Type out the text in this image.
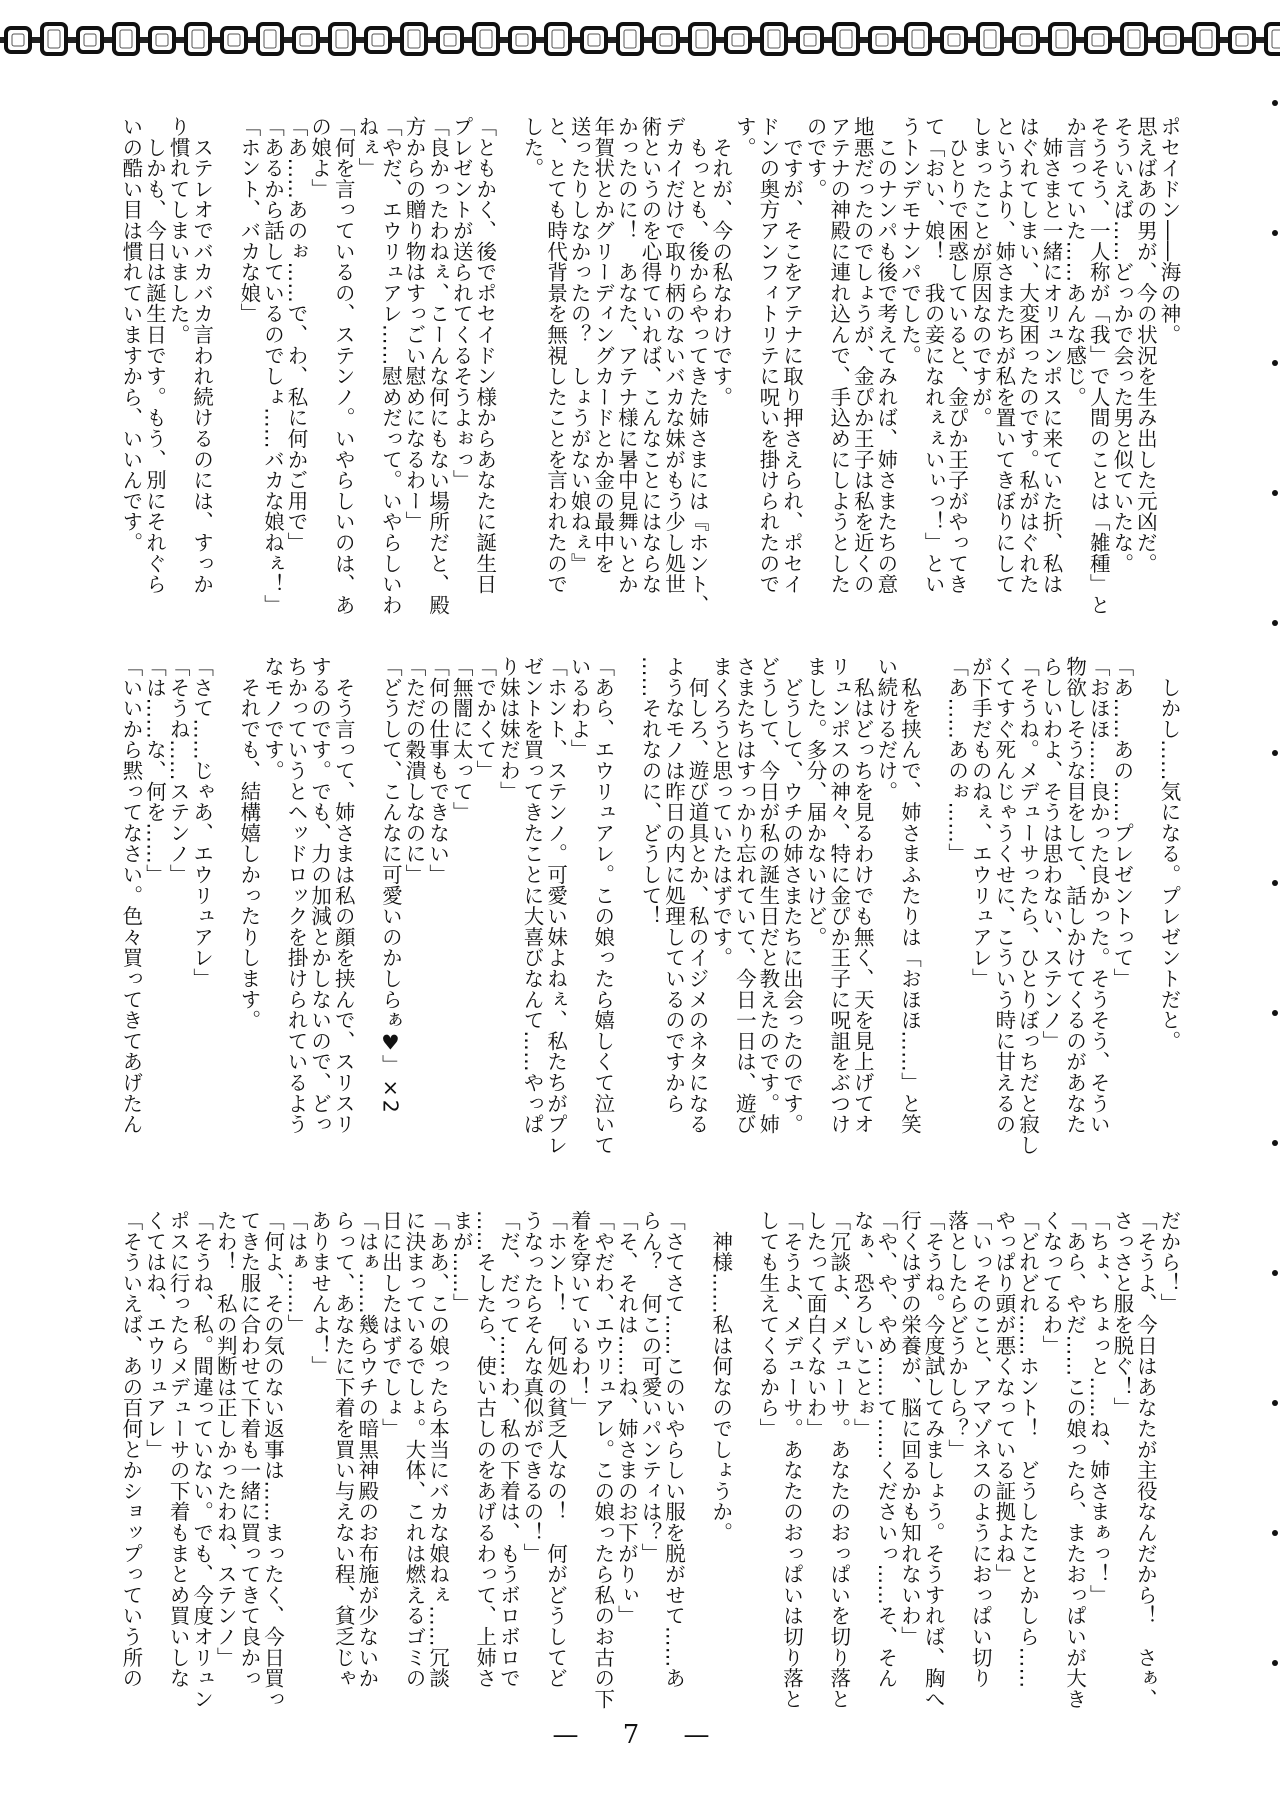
ポセイドン――海の神。
思えばあの男が、今の状況を生み出した元凶だ。
そういえば……どっかで会った男と似ていたな。
そうそう、一人称が「我」で人間のことは「雑種」と
か言っていた……あんな感じ。
　姉さまと一緒にオリュンポスに来ていた折、私は
はぐれてしまい、大変困ったのです。私がはぐれた
というより、姉さまたちが私を置いてきぼりにして
しまったことが原因なのですが。
　ひとりで困惑していると、金ぴか王子がやってき
て「おい、娘！　我の妾になれぇぇいぃっ！」とい
うトンデモナンパでした。
　このナンパも後で考えてみれば、姉さまたちの意
地悪だったのでしょうが、金ぴか王子は私を近くの
アテナの神殿に連れ込んで、手込めにしようとした
のです。
　ですが、そこをアテナに取り押さえられ、ポセイ
ドンの奥方アンフィトリテに呪いを掛けられたので
す。
　それが、今の私なわけです。
　もっとも、後からやってきた姉さまには『ホント、
デカイだけで取り柄のないバカな妹がもう少し処世
術というのを心得ていれば、こんなことにはならな
かったのに！　あなた、アテナ様に暑中見舞いとか
年賀状とかグリーディングカードとか金の最中を
送ったりしなかったの？　しょうがない娘ねぇ』
と、とても時代背景を無視したことを言われたので
した。
「ともかく、後でポセイドン様からあなたに誕生日
プレゼントが送られてくるそうよぉっ」
「良かったわねぇ、こーんな何にもない場所だと、殿
方からの贈り物はすっごい慰めになるわー」
「やだ、エウリュアレ……慰めだって。いやらしいわ
ねぇ」
「何を言っているの、ステンノ。いやらしいのは、あ
の娘よ」
「あ……あのぉ……で、わ、私に何かご用で」
「あるから話しているのでしょ……バカな娘ねぇ！」
「ホント、バカな娘」
　ステレオでバカバカ言われ続けるのには、すっか
り慣れてしまいました。
　しかも、今日は誕生日です。もう、別にそれぐら
いの酷い目は慣れていますから、いいんです。
　しかし……気になる。プレゼントだと。
「あ……あの……プレゼントって」
「おほほ……良かった良かった。そうそう、そうい
物欲しそうな目をして、話しかけてくるのがあなた
らしいわよ、そうは思わない、ステンノ」
「そうね。メデューサったら、ひとりぼっちだと寂し
くてすぐ死んじゃうくせに、こういう時に甘えるの
が下手だものねぇ、エウリュアレ」
「あ……あのぉ……」
　私を挟んで、姉さまふたりは「おほほ……」と笑
い続けるだけ。
　私はどっちを見るわけでも無く、天を見上げてオ
リュンポスの神々、特に金ぴか王子に呪詛をぶつけ
ました。多分、届かないけど。
　どうして、ウチの姉さまたちに出会ったのです。
どうして、今日が私の誕生日だと教えたのです。姉
さまたちはすっかり忘れていて、今日一日は、遊び
まくろうと思っていたはずです。
　何しろ、遊び道具とか、私のイジメのネタになる
ようなモノは昨日の内に処理しているのですから
……それなのに、どうして！
「あら、エウリュアレ。この娘ったら嬉しくて泣いて
いるわよ」
「ホント、ステンノ。可愛い妹よねぇ、私たちがプレ
ゼントを買ってきたことに大喜びなんて……やっぱ
り妹は妹だわ」
「でかくて」
「無闇に太って」
「何の仕事もできない」
「ただの穀潰しなのに」
「どうして、こんなに可愛いのかしらぁ♥」×2
　そう言って、姉さまは私の顔を挟んで、スリスリ
するのです。でも、力の加減とかしないので、どっ
ちかっていうとヘッドロックを掛けられているよう
なモノです。
　それでも、結構嬉しかったりします。
「さて……じゃあ、エウリュアレ」
「そうね……ステンノ」
「は……な、何を……」
「いいから黙ってなさい。色々買ってきてあげたん
だから！」
「そうよ、今日はあなたが主役なんだから！　さぁ、
さっさと服を脱ぐ！」
「ちょ、ちょっと……ね、姉さまぁっ！」
「あら、やだ……この娘ったら、またおっぱいが大き
くなってるわ」
「どれどれ……ホント！　どうしたことかしら……
やっぱり頭が悪くなっている証拠よね」
「いっそのこと、アマゾネスのようにおっぱい切り
落としたらどうかしら？」
「そうね。今度試してみましょう。そうすれば、胸へ
行くはずの栄養が、脳に回るかも知れないわ」
「や、や、やめ……て……くださいっ……そ、そん
なぁ、恐ろしいことぉ」
「冗談よ、メデューサ。あなたのおっぱいを切り落と
したって面白くないわ」
「そうよ、メデューサ。あなたのおっぱいは切り落と
しても生えてくるから」
　神様……私は何なのでしょうか。
「さてさて……このいやらしい服を脱がせて……あ
らん？　何この可愛いパンティは？」
「そ、それは……ね、姉さまのお下がりぃ」
「やだわ、エウリュアレ。この娘ったら私のお古の下
着を穿いているわ！」
「ホント！　何処の貧乏人なの！　何がどうしてど
うなったらそんな真似ができるの！」
「だ、だって……わ、私の下着は、もうボロボロで
……そしたら、使い古しのをあげるわって、上姉さ
まが……」
「ああ、この娘ったら本当にバカな娘ねぇ……冗談
に決まっているでしょ。大体、これは燃えるゴミの
日に出したはずでしょ」
「はぁ……幾らウチの暗黒神殿のお布施が少ないか
らって、あなたに下着を買い与えない程、貧乏じゃ
ありませんよ！」
「はぁ……」
「何よ、その気のない返事は……まったく、今日買っ
てきた服に合わせて下着も一緒に買ってきて良かっ
たわ！　私の判断は正しかったわね、ステンノ」
「そうね、私。間違っていない。でも、今度オリュン
ポスに行ったらメデューサの下着もまとめ買いしな
くてはね、エウリュアレ」
「そういえば、あの百何とかショップっていう所の
— 7 —
